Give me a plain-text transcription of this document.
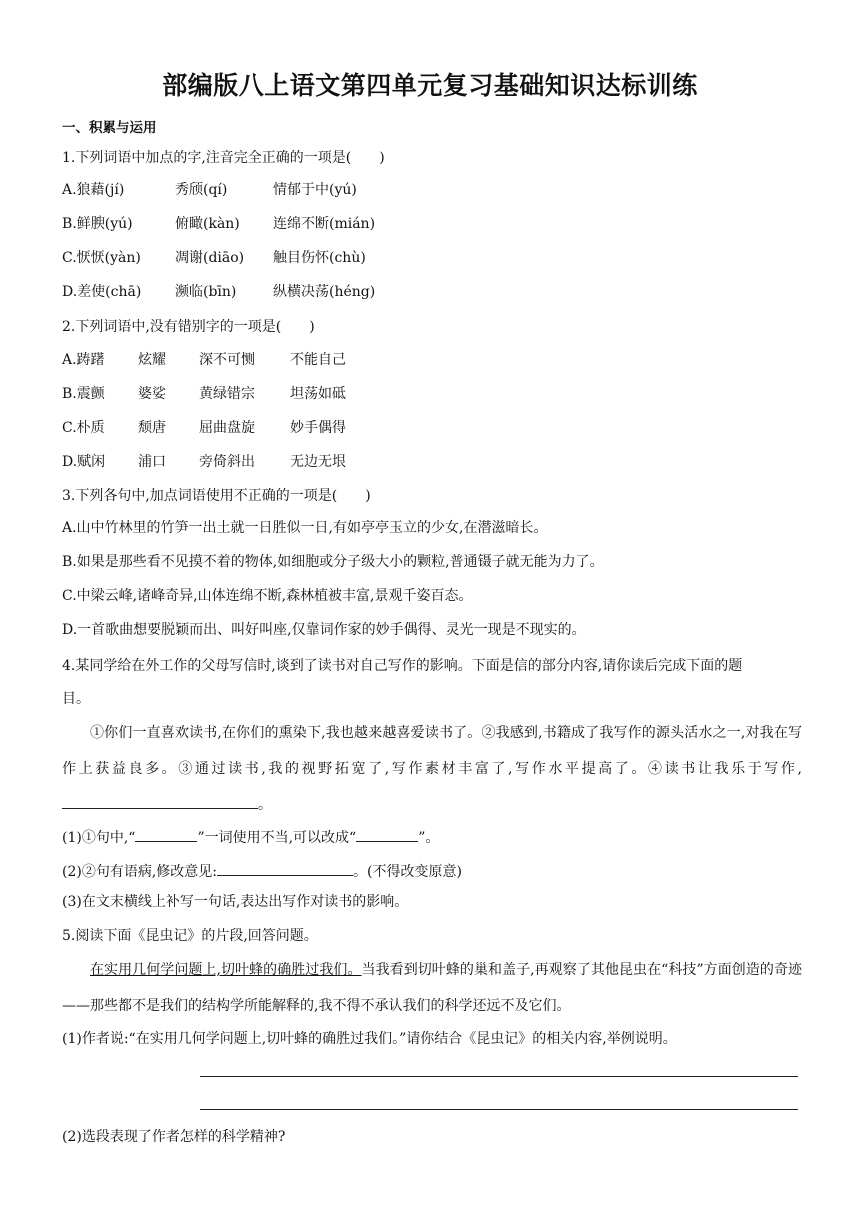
部编版八上语文第四单元复习基础知识达标训练
一、积累与运用
1.下列词语中加点的字,注音完全正确的一项是(　　)
A.狼藉(jí)	秀颀(qí)	情郁于中(yú)
B.鲜腴(yú)	俯瞰(kàn) 连绵不断(mián)
C.恹恹(yàn) 凋谢(diāo) 触目伤怀(chù)
D.差使(chā) 濒临(bīn)	纵横决荡(héng)
2.下列词语中,没有错别字的一项是(　　)
A.踌躇 炫耀 深不可恻	不能自己
B.震颤 婆娑 黄绿错宗	坦荡如砥
C.朴质 颓唐 屈曲盘旋	妙手偶得
D.赋闲 浦口 旁倚斜出	无边无垠
3.下列各句中,加点词语使用不正确的一项是(　　)
A.山中竹林里的竹笋一出土就一日胜似一日,有如亭亭玉立的少女,在潜滋暗长。
B.如果是那些看不见摸不着的物体,如细胞或分子级大小的颗粒,普通镊子就无能为力了。
C.中梁云峰,诸峰奇异,山体连绵不断,森林植被丰富,景观千姿百态。
D.一首歌曲想要脱颖而出、叫好叫座,仅靠词作家的妙手偶得、灵光一现是不现实的。
4.某同学给在外工作的父母写信时,谈到了读书对自己写作的影响。下面是信的部分内容,请你读后完成下面的题
目。
①你们一直喜欢读书,在你们的熏染下,我也越来越喜爱读书了。②我感到,书籍成了我写作的源头活水之一,对我在写作上获益良多。③通过读书,我的视野拓宽了,写作素材丰富了,写作水平提高了。④读书让我乐于写作,。
(1)①句中,“	”一词使用不当,可以改成“	”。
(2)②句有语病,修改意见:	。(不得改变原意)
(3)在文末横线上补写一句话,表达出写作对读书的影响。
5.阅读下面《昆虫记》的片段,回答问题。
在实用几何学问题上,切叶蜂的确胜过我们。当我看到切叶蜂的巢和盖子,再观察了其他昆虫在“科技”方面创造的奇迹——那些都不是我们的结构学所能解释的,我不得不承认我们的科学还远不及它们。
(1)作者说:“在实用几何学问题上,切叶蜂的确胜过我们。”请你结合《昆虫记》的相关内容,举例说明。
(2)选段表现了作者怎样的科学精神?
